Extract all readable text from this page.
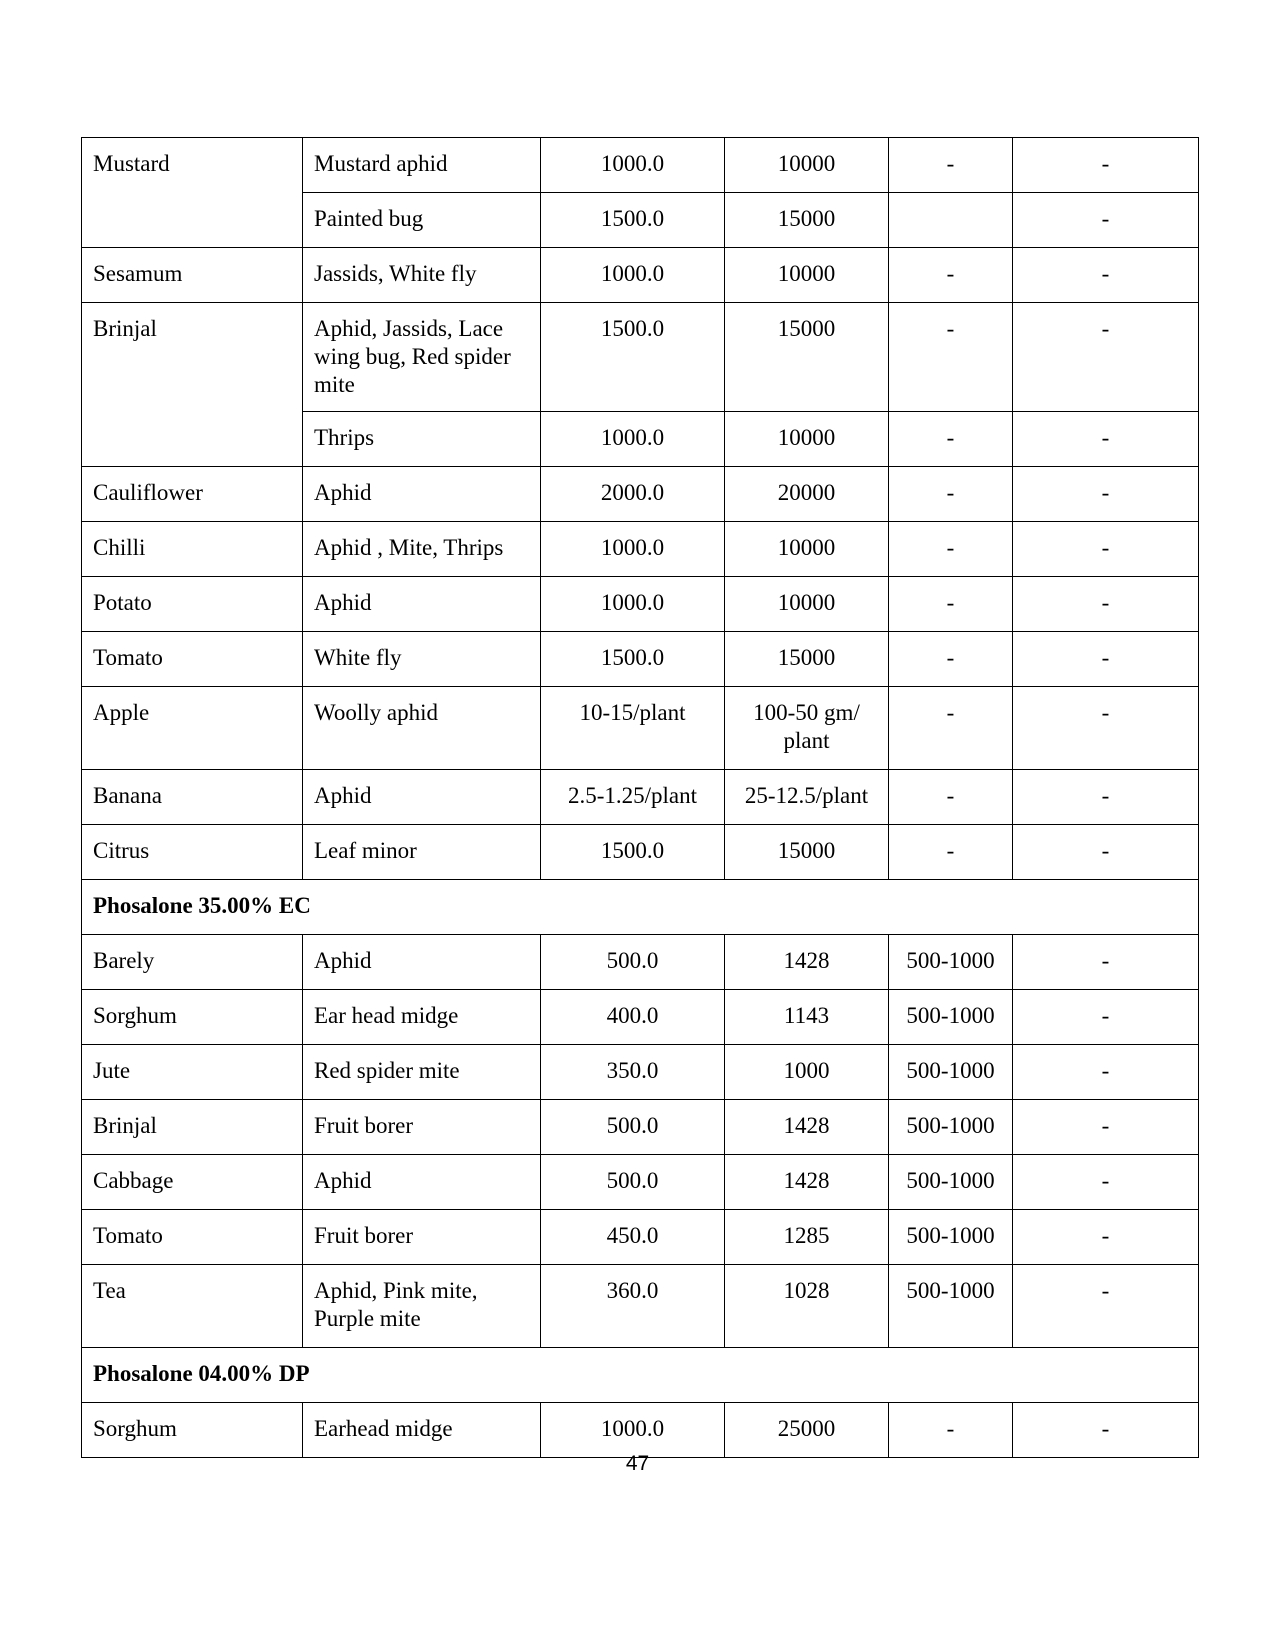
Mustard	Mustard aphid	1000.0	10000	-	-
	Painted bug	1500.0	15000		-
Sesamum	Jassids, White fly	1000.0	10000	-	-
Brinjal	Aphid, Jassids, Lace wing bug, Red spider mite	1500.0	15000	-	-
	Thrips	1000.0	10000	-	-
Cauliflower	Aphid	2000.0	20000	-	-
Chilli	Aphid , Mite, Thrips	1000.0	10000	-	-
Potato	Aphid	1000.0	10000	-	-
Tomato	White fly	1500.0	15000	-	-
Apple	Woolly aphid	10-15/plant	100-50 gm/ plant	-	-
Banana	Aphid	2.5-1.25/plant	25-12.5/plant	-	-
Citrus	Leaf minor	1500.0	15000	-	-
Phosalone 35.00% EC					
Barely	Aphid	500.0	1428	500-1000	-
Sorghum	Ear head midge	400.0	1143	500-1000	-
Jute	Red spider mite	350.0	1000	500-1000	-
Brinjal	Fruit borer	500.0	1428	500-1000	-
Cabbage	Aphid	500.0	1428	500-1000	-
Tomato	Fruit borer	450.0	1285	500-1000	-
Tea	Aphid, Pink mite, Purple mite	360.0	1028	500-1000	-
Phosalone 04.00% DP					
Sorghum	Earhead midge	1000.0	25000	-	-
47
